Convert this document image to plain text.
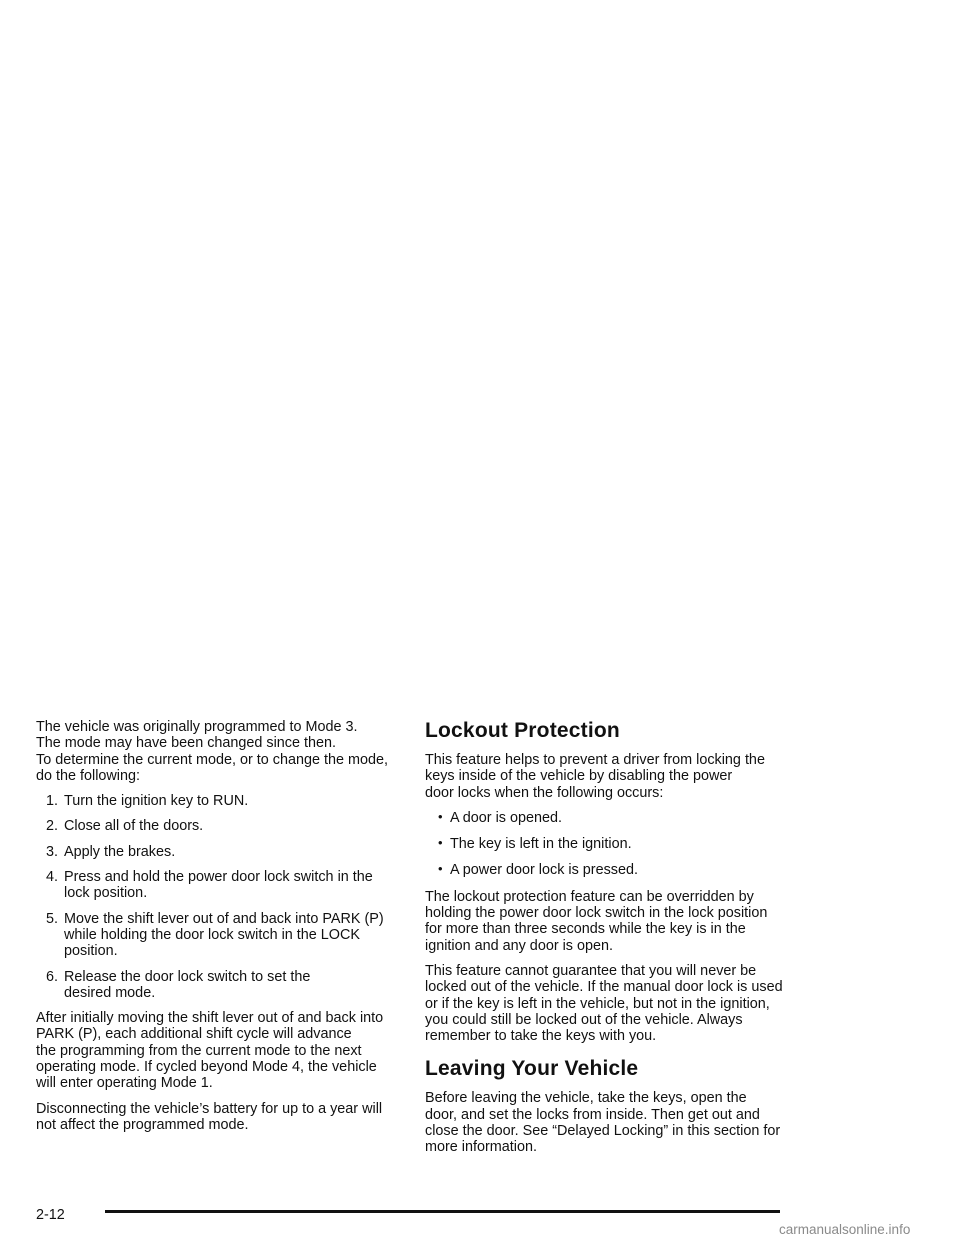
The vehicle was originally programmed to Mode 3.
The mode may have been changed since then.
To determine the current mode, or to change the mode,
do the following:

1. Turn the ignition key to RUN.
2. Close all of the doors.
3. Apply the brakes.
4. Press and hold the power door lock switch in the
lock position.
5. Move the shift lever out of and back into PARK (P)
while holding the door lock switch in the LOCK
position.
6. Release the door lock switch to set the
desired mode.

After initially moving the shift lever out of and back into
PARK (P), each additional shift cycle will advance
the programming from the current mode to the next
operating mode. If cycled beyond Mode 4, the vehicle
will enter operating Mode 1.

Disconnecting the vehicle’s battery for up to a year will
not affect the programmed mode.

Lockout Protection

This feature helps to prevent a driver from locking the
keys inside of the vehicle by disabling the power
door locks when the following occurs:

• A door is opened.
• The key is left in the ignition.
• A power door lock is pressed.

The lockout protection feature can be overridden by
holding the power door lock switch in the lock position
for more than three seconds while the key is in the
ignition and any door is open.

This feature cannot guarantee that you will never be
locked out of the vehicle. If the manual door lock is used
or if the key is left in the vehicle, but not in the ignition,
you could still be locked out of the vehicle. Always
remember to take the keys with you.

Leaving Your Vehicle

Before leaving the vehicle, take the keys, open the
door, and set the locks from inside. Then get out and
close the door. See “Delayed Locking” in this section for
more information.

2-12
carmanualsonline.info
